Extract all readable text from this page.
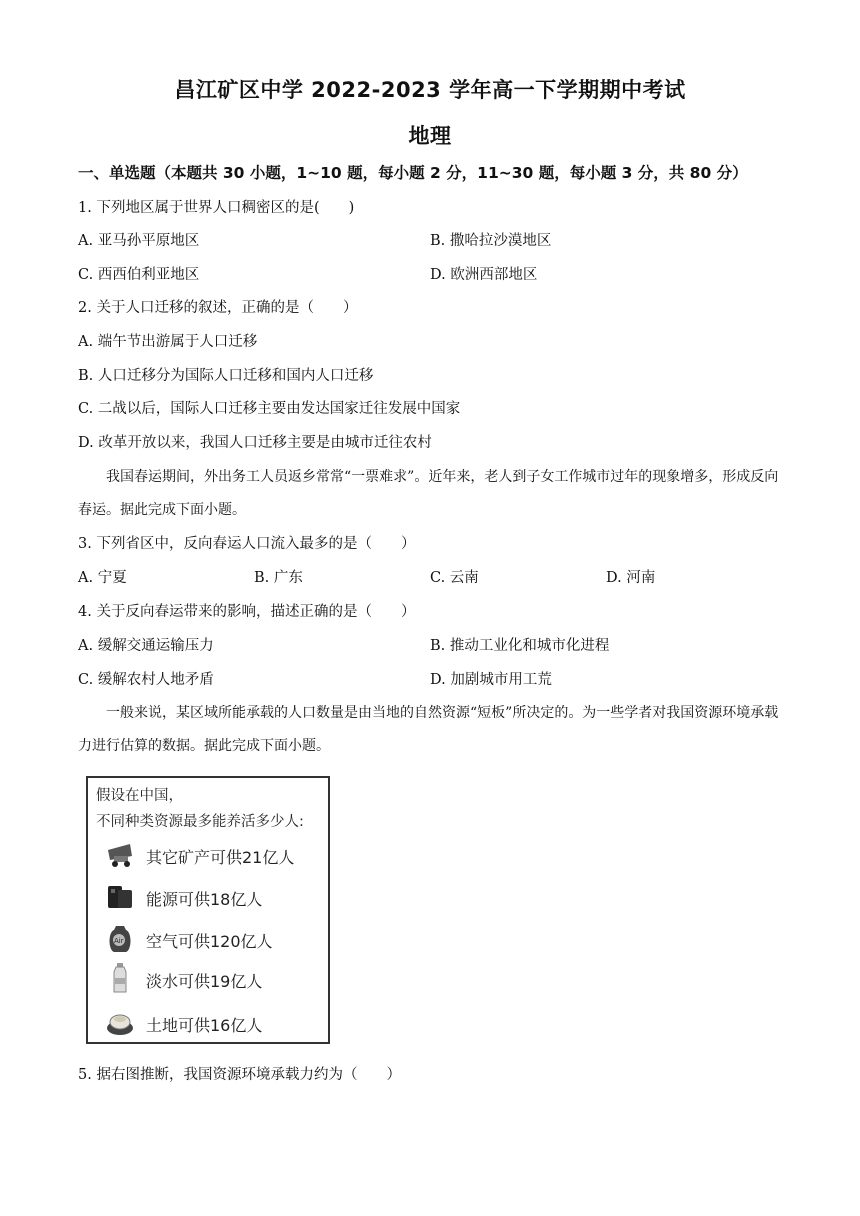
昌江矿区中学 2022-2023 学年高一下学期期中考试
地理
一、单选题（本题共 30 小题，1~10 题，每小题 2 分，11~30 题，每小题 3 分，共 80 分）
1. 下列地区属于世界人口稠密区的是(　　)
A. 亚马孙平原地区	B. 撒哈拉沙漠地区
C. 西西伯利亚地区	D. 欧洲西部地区
2. 关于人口迁移的叙述，正确的是（　　）
A. 端午节出游属于人口迁移
B. 人口迁移分为国际人口迁移和国内人口迁移
C. 二战以后，国际人口迁移主要由发达国家迁往发展中国家
D. 改革开放以来，我国人口迁移主要是由城市迁往农村
我国春运期间，外出务工人员返乡常常“一票难求”。近年来，老人到子女工作城市过年的现象增多，形成反向春运。据此完成下面小题。
3. 下列省区中，反向春运人口流入最多的是（　　）
A. 宁夏	B. 广东	C. 云南	D. 河南
4. 关于反向春运带来的影响，描述正确的是（　　）
A. 缓解交通运输压力	B. 推动工业化和城市化进程
C. 缓解农村人地矛盾	D. 加剧城市用工荒
一般来说，某区域所能承载的人口数量是由当地的自然资源“短板”所决定的。为一些学者对我国资源环境承载力进行估算的数据。据此完成下面小题。
假设在中国，
不同种类资源最多能养活多少人:
其它矿产可供21亿人
能源可供18亿人
Air 空气可供120亿人
淡水可供19亿人
土地可供16亿人
5. 据右图推断，我国资源环境承载力约为（　　）
